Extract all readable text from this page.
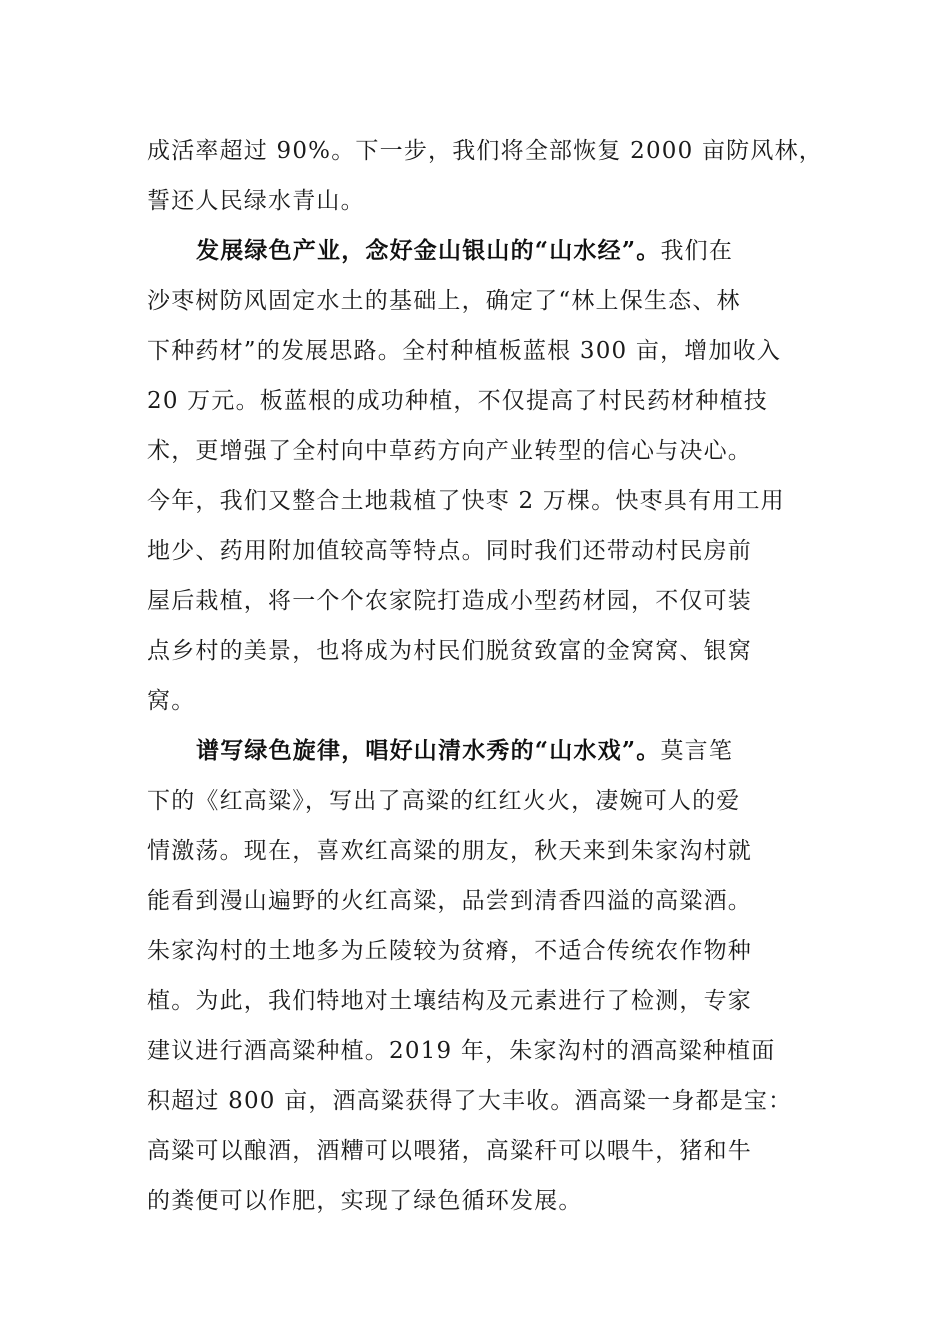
成活率超过 90%。下一步，我们将全部恢复 2000 亩防风林，
誓还人民绿水青山。

发展绿色产业，念好金山银山的“山水经”。我们在
沙枣树防风固定水土的基础上，确定了“林上保生态、林
下种药材”的发展思路。全村种植板蓝根 300 亩，增加收入
20 万元。板蓝根的成功种植，不仅提高了村民药材种植技
术，更增强了全村向中草药方向产业转型的信心与决心。
今年，我们又整合土地栽植了快枣 2 万棵。快枣具有用工用
地少、药用附加值较高等特点。同时我们还带动村民房前
屋后栽植，将一个个农家院打造成小型药材园，不仅可装
点乡村的美景，也将成为村民们脱贫致富的金窝窝、银窝
窝。

谱写绿色旋律，唱好山清水秀的“山水戏”。莫言笔
下的《红高粱》，写出了高粱的红红火火，凄婉可人的爱
情激荡。现在，喜欢红高粱的朋友，秋天来到朱家沟村就
能看到漫山遍野的火红高粱，品尝到清香四溢的高粱酒。
朱家沟村的土地多为丘陵较为贫瘠，不适合传统农作物种
植。为此，我们特地对土壤结构及元素进行了检测，专家
建议进行酒高粱种植。2019 年，朱家沟村的酒高粱种植面
积超过 800 亩，酒高粱获得了大丰收。酒高粱一身都是宝：
高粱可以酿酒，酒糟可以喂猪，高粱秆可以喂牛，猪和牛
的粪便可以作肥，实现了绿色循环发展。
